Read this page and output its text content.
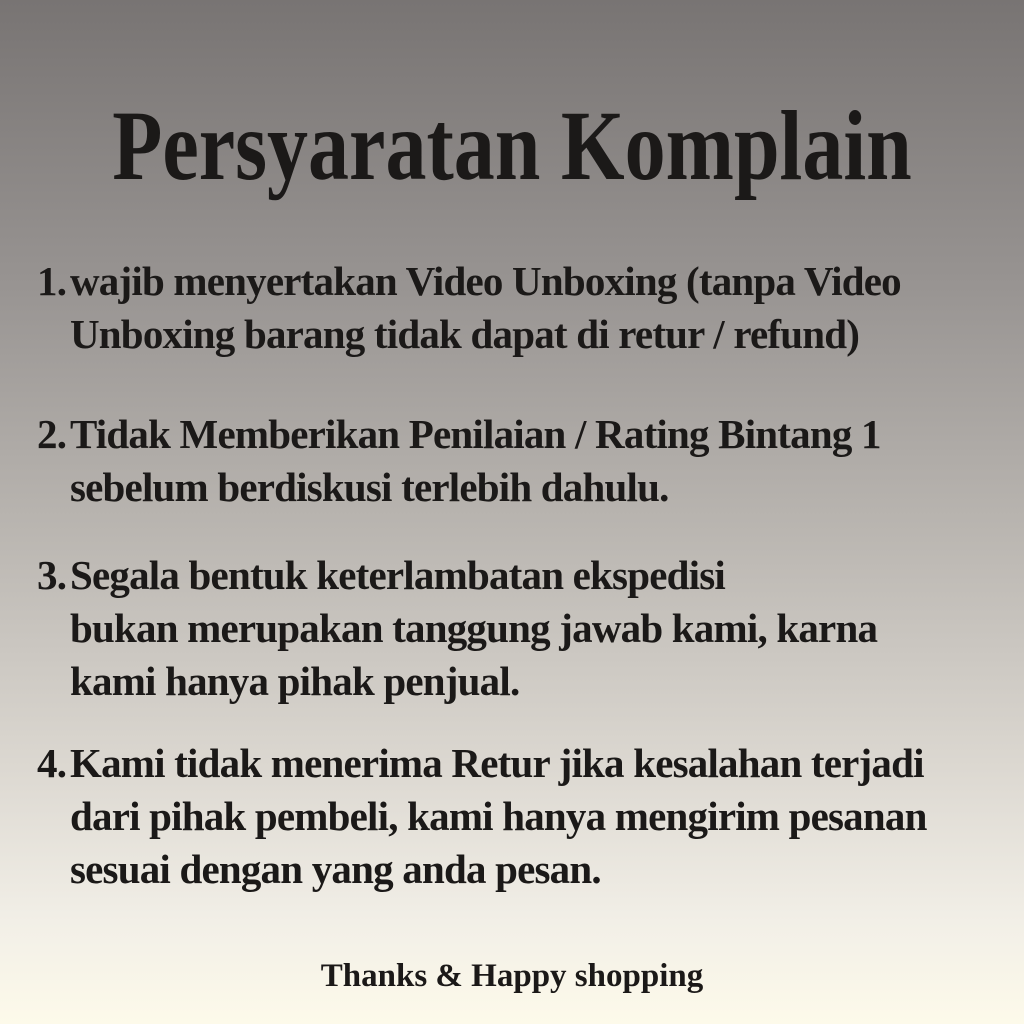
Persyaratan Komplain
1. wajib menyertakan Video Unboxing (tanpa Video
Unboxing barang tidak dapat di retur / refund)
2. Tidak Memberikan Penilaian / Rating Bintang 1
sebelum berdiskusi terlebih dahulu.
3. Segala bentuk keterlambatan ekspedisi
bukan merupakan tanggung jawab kami, karna
kami hanya pihak penjual.
4. Kami tidak menerima Retur jika kesalahan terjadi
dari pihak pembeli, kami hanya mengirim pesanan
sesuai dengan yang anda pesan.
Thanks & Happy shopping
